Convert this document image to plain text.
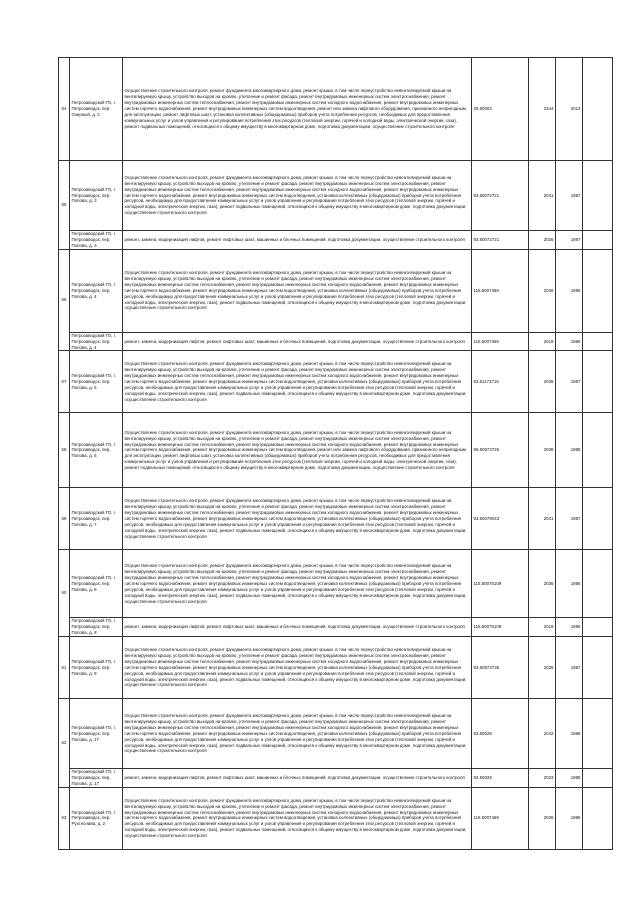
54	Петрозаводский ГО, г. Петрозаводск, пер. Озерный, д. 2	Осуществление строительного контроля, ремонт фундамента многоквартирного дома, ремонт крыши, в том числе переустройство невентилируемой крыши на вентилируемую крышу, устройство выходов на кровлю, утепление и ремонт фасада, ремонт внутридомовых инженерных систем электроснабжения, ремонт внутридомовых инженерных систем теплоснабжения, ремонт внутридомовых инженерных систем холодного водоснабжения, ремонт внутридомовых инженерных систем горячего водоснабжения, ремонт внутридомовых инженерных систем водоотведения, ремонт или замена лифтового оборудования, признанного непригодным для эксплуатации, ремонт лифтовых шахт, установка коллективных (общедомовых) приборов учета потребления ресурсов, необходимых для предоставления коммунальных услуг и узлов управления и регулирования потребления этих ресурсов (тепловой энергии, горячей и холодной воды, электрической энергии, газа), ремонт подвальных помещений, относящихся к общему имуществу в многоквартирном доме, подготовка документации, осуществление строительного контроля	29.50003	2344	2013	
55	Петрозаводский ГО, г. Петрозаводск, пер. Попова, д. 3	Осуществление строительного контроля, ремонт фундамента многоквартирного дома, ремонт крыши, в том числе переустройство невентилируемой крыши на вентилируемую крышу, устройство выходов на кровлю, утепление и ремонт фасада, ремонт внутридомовых инженерных систем электроснабжения, ремонт внутридомовых инженерных систем теплоснабжения, ремонт внутридомовых инженерных систем холодного водоснабжения, ремонт внутридомовых инженерных систем горячего водоснабжения, ремонт внутридомовых инженерных систем водоотведения, установка коллективных (общедомовых) приборов учета потребления ресурсов, необходимых для предоставления коммунальных услуг и узлов управления и регулирования потребления этих ресурсов (тепловой энергии, горячей и холодной воды, электрической энергии, газа), ремонт подвальных помещений, относящихся к общему имуществу в многоквартирном доме, подготовка документации, осуществление строительного контроля	93.50072721	2041	1987	
	Петрозаводский ГО, г. Петрозаводск, пер. Попова, д. 3	ремонт, замена, модернизация лифтов, ремонт лифтовых шахт, машинных и блочных помещений, подготовка документации, осуществление строительного контроля	93.50072721	2026	1987	
56	Петрозаводский ГО, г. Петрозаводск, пер. Попова, д. 4	Осуществление строительного контроля, ремонт фундамента многоквартирного дома, ремонт крыши, в том числе переустройство невентилируемой крыши на вентилируемую крышу, устройство выходов на кровлю, утепление и ремонт фасада, ремонт внутридомовых инженерных систем электроснабжения, ремонт внутридомовых инженерных систем теплоснабжения, ремонт внутридомовых инженерных систем холодного водоснабжения, ремонт внутридомовых инженерных систем горячего водоснабжения, ремонт внутридомовых инженерных систем водоотведения, установка коллективных (общедомовых) приборов учета потребления ресурсов, необходимых для предоставления коммунальных услуг и узлов управления и регулирования потребления этих ресурсов (тепловой энергии, горячей и холодной воды, электрической энергии, газа), ремонт подвальных помещений, относящихся к общему имуществу в многоквартирном доме, подготовка документации, осуществление строительного контроля	115.5007459	2036	1986	
	Петрозаводский ГО, г. Петрозаводск, пер. Попова, д. 4	ремонт, замена, модернизация лифтов, ремонт лифтовых шахт, машинных и блочных помещений, подготовка документации, осуществление строительного контроля	115.5007459	2019	1986	
57	Петрозаводский ГО, г. Петрозаводск, пер. Попова, д. 5	Осуществление строительного контроля, ремонт фундамента многоквартирного дома, ремонт крыши, в том числе переустройство невентилируемой крыши на вентилируемую крышу, устройство выходов на кровлю, утепление и ремонт фасада, ремонт внутридомовых инженерных систем электроснабжения, ремонт внутридомовых инженерных систем теплоснабжения, ремонт внутридомовых инженерных систем холодного водоснабжения, ремонт внутридомовых инженерных систем горячего водоснабжения, ремонт внутридомовых инженерных систем водоотведения, установка коллективных (общедомовых) приборов учета потребления ресурсов, необходимых для предоставления коммунальных услуг и узлов управления и регулирования потребления этих ресурсов (тепловой энергии, горячей и холодной воды, электрической энергии, газа), ремонт подвальных помещений, относящихся к общему имуществу в многоквартирном доме, подготовка документации, осуществление строительного контроля	93.51173716	2035	1987	
58	Петрозаводский ГО, г. Петрозаводск, пер. Попова, д. 6	Осуществление строительного контроля, ремонт фундамента многоквартирного дома, ремонт крыши, в том числе переустройство невентилируемой крыши на вентилируемую крышу, устройство выходов на кровлю, утепление и ремонт фасада, ремонт внутридомовых инженерных систем электроснабжения, ремонт внутридомовых инженерных систем теплоснабжения, ремонт внутридомовых инженерных систем холодного водоснабжения, ремонт внутридомовых инженерных систем горячего водоснабжения, ремонт внутридомовых инженерных систем водоотведения, ремонт или замена лифтового оборудования, признанного непригодным для эксплуатации, ремонт лифтовых шахт, установка коллективных (общедомовых) приборов учета потребления ресурсов, необходимых для предоставления коммунальных услуг и узлов управления и регулирования потребления этих ресурсов (тепловой энергии, горячей и холодной воды, электрической энергии, газа), ремонт подвальных помещений, относящихся к общему имуществу в многоквартирном доме, подготовка документации, осуществление строительного контроля	95.50973726	2038	1988	
59	Петрозаводский ГО, г. Петрозаводск, пер. Попова, д. 7	Осуществление строительного контроля, ремонт фундамента многоквартирного дома, ремонт крыши, в том числе переустройство невентилируемой крыши на вентилируемую крышу, устройство выходов на кровлю, утепление и ремонт фасада, ремонт внутридомовых инженерных систем электроснабжения, ремонт внутридомовых инженерных систем теплоснабжения, ремонт внутридомовых инженерных систем холодного водоснабжения, ремонт внутридомовых инженерных систем горячего водоснабжения, ремонт внутридомовых инженерных систем водоотведения, установка коллективных (общедомовых) приборов учета потребления ресурсов, необходимых для предоставления коммунальных услуг и узлов управления и регулирования потребления этих ресурсов (тепловой энергии, горячей и холодной воды, электрической энергии, газа), ремонт подвальных помещений, относящихся к общему имуществу в многоквартирном доме, подготовка документации, осуществление строительного контроля	93.50078043	2041	1987	
60	Петрозаводский ГО, г. Петрозаводск, пер. Попова, д. 8	Осуществление строительного контроля, ремонт фундамента многоквартирного дома, ремонт крыши, в том числе переустройство невентилируемой крыши на вентилируемую крышу, устройство выходов на кровлю, утепление и ремонт фасада, ремонт внутридомовых инженерных систем электроснабжения, ремонт внутридомовых инженерных систем теплоснабжения, ремонт внутридомовых инженерных систем холодного водоснабжения, ремонт внутридомовых инженерных систем горячего водоснабжения, ремонт внутридомовых инженерных систем водоотведения, установка коллективных (общедомовых) приборов учета потребления ресурсов, необходимых для предоставления коммунальных услуг и узлов управления и регулирования потребления этих ресурсов (тепловой энергии, горячей и холодной воды, электрической энергии, газа), ремонт подвальных помещений, относящихся к общему имуществу в многоквартирном доме, подготовка документации, осуществление строительного контроля	115.50075109	2036	1986	
	Петрозаводский ГО, г. Петрозаводск, пер. Попова, д. 8	ремонт, замена, модернизация лифтов, ремонт лифтовых шахт, машинных и блочных помещений, подготовка документации, осуществление строительного контроля	115.50075109	2019	1986	
61	Петрозаводский ГО, г. Петрозаводск, пер. Попова, д. 9	Осуществление строительного контроля, ремонт фундамента многоквартирного дома, ремонт крыши, в том числе переустройство невентилируемой крыши на вентилируемую крышу, устройство выходов на кровлю, утепление и ремонт фасада, ремонт внутридомовых инженерных систем электроснабжения, ремонт внутридомовых инженерных систем теплоснабжения, ремонт внутридомовых инженерных систем холодного водоснабжения, ремонт внутридомовых инженерных систем горячего водоснабжения, ремонт внутридомовых инженерных систем водоотведения, установка коллективных (общедомовых) приборов учета потребления ресурсов, необходимых для предоставления коммунальных услуг и узлов управления и регулирования потребления этих ресурсов (тепловой энергии, горячей и холодной воды, электрической энергии, газа), ремонт подвальных помещений, относящихся к общему имуществу в многоквартирном доме, подготовка документации, осуществление строительного контроля	93.50973735	2039	1987	
62	Петрозаводский ГО, г. Петрозаводск, пер. Попова, д. 17	Осуществление строительного контроля, ремонт фундамента многоквартирного дома, ремонт крыши, в том числе переустройство невентилируемой крыши на вентилируемую крышу, устройство выходов на кровлю, утепление и ремонт фасада, ремонт внутридомовых инженерных систем электроснабжения, ремонт внутридомовых инженерных систем теплоснабжения, ремонт внутридомовых инженерных систем холодного водоснабжения, ремонт внутридомовых инженерных систем горячего водоснабжения, ремонт внутридомовых инженерных систем водоотведения, установка коллективных (общедомовых) приборов учета потребления ресурсов, необходимых для предоставления коммунальных услуг и узлов управления и регулирования потребления этих ресурсов (тепловой энергии, горячей и холодной воды, электрической энергии, газа), ремонт подвальных помещений, относящихся к общему имуществу в многоквартирном доме, подготовка документации, осуществление строительного контроля	93.50028	2042	1988	
	Петрозаводский ГО, г. Петрозаводск, пер. Попова, д. 17	ремонт, замена, модернизация лифтов, ремонт лифтовых шахт, машинных и блочных помещений, подготовка документации, осуществление строительного контроля	93.50028	2023	1988	
63	Петрозаводский ГО, г. Петрозаводск, пер. Рухтеснайа, д. 2	Осуществление строительного контроля, ремонт фундамента многоквартирного дома, ремонт крыши, в том числе переустройство невентилируемой крыши на вентилируемую крышу, устройство выходов на кровлю, утепление и ремонт фасада, ремонт внутридомовых инженерных систем электроснабжения, ремонт внутридомовых инженерных систем теплоснабжения, ремонт внутридомовых инженерных систем холодного водоснабжения, ремонт внутридомовых инженерных систем горячего водоснабжения, ремонт внутридомовых инженерных систем водоотведения, установка коллективных (общедомовых) приборов учета потребления ресурсов, необходимых для предоставления коммунальных услуг и узлов управления и регулирования потребления этих ресурсов (тепловой энергии, горячей и холодной воды, электрической энергии, газа), ремонт подвальных помещений, относящихся к общему имуществу в многоквартирном доме, подготовка документации, осуществление строительного контроля	118.6007459	2036	1986	
